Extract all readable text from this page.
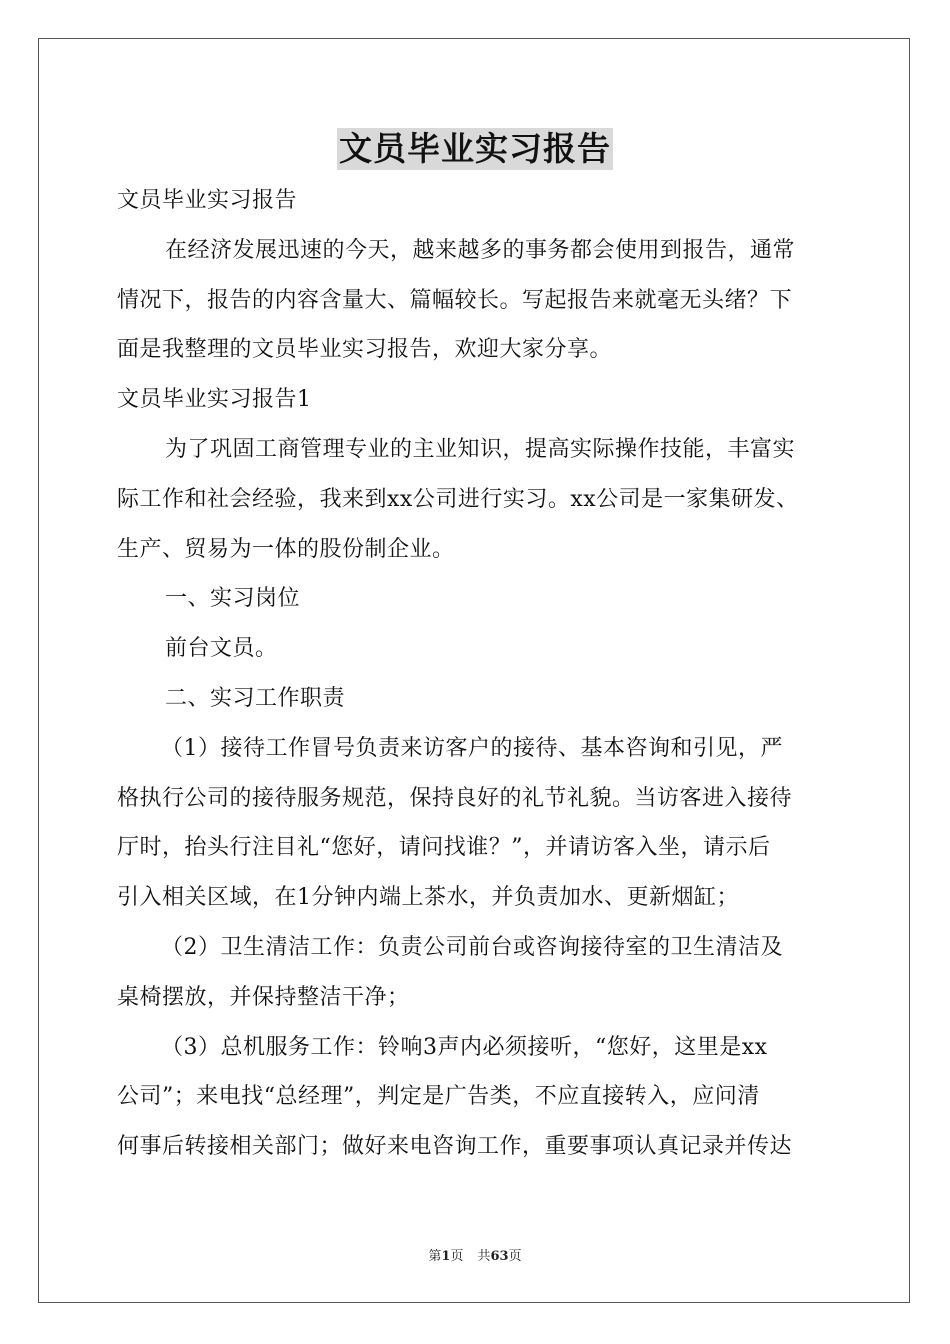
文员毕业实习报告
文员毕业实习报告
在经济发展迅速的今天，越来越多的事务都会使用到报告，通常
情况下，报告的内容含量大、篇幅较长。写起报告来就毫无头绪？下
面是我整理的文员毕业实习报告，欢迎大家分享。
文员毕业实习报告1
为了巩固工商管理专业的主业知识，提高实际操作技能，丰富实
际工作和社会经验，我来到xx公司进行实习。xx公司是一家集研发、
生产、贸易为一体的股份制企业。
一、实习岗位
前台文员。
二、实习工作职责
（1）接待工作冒号负责来访客户的接待、基本咨询和引见，严
格执行公司的接待服务规范，保持良好的礼节礼貌。当访客进入接待
厅时，抬头行注目礼“您好，请问找谁？”，并请访客入坐，请示后
引入相关区域，在1分钟内端上茶水，并负责加水、更新烟缸；
（2）卫生清洁工作：负责公司前台或咨询接待室的卫生清洁及
桌椅摆放，并保持整洁干净；
（3）总机服务工作：铃响3声内必须接听，“您好，这里是xx
公司”；来电找“总经理”，判定是广告类，不应直接转入，应问清
何事后转接相关部门；做好来电咨询工作，重要事项认真记录并传达
第1页 共63页
